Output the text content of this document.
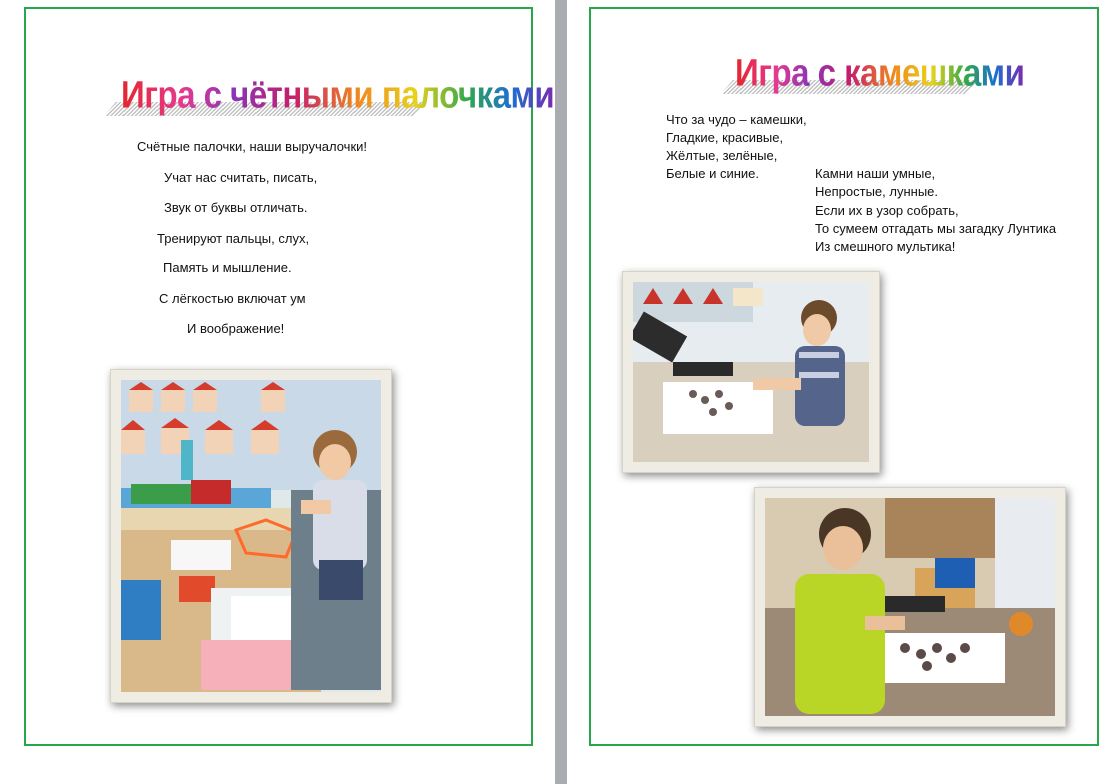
Игра с чётными палочками
Счётные палочки, наши выручалочки!
Учат нас считать, писать,
Звук от буквы отличать.
Тренируют пальцы, слух,
Память и мышление.
С лёгкостью включат ум
И воображение!
Игра с камешками
Что за чудо – камешки,
Гладкие, красивые,
Жёлтые, зелёные,
Белые и синие.	Камни наши умные,
Непростые, лунные.
Если их в узор собрать,
То сумеем отгадать мы загадку Лунтика
Из смешного мультика!
